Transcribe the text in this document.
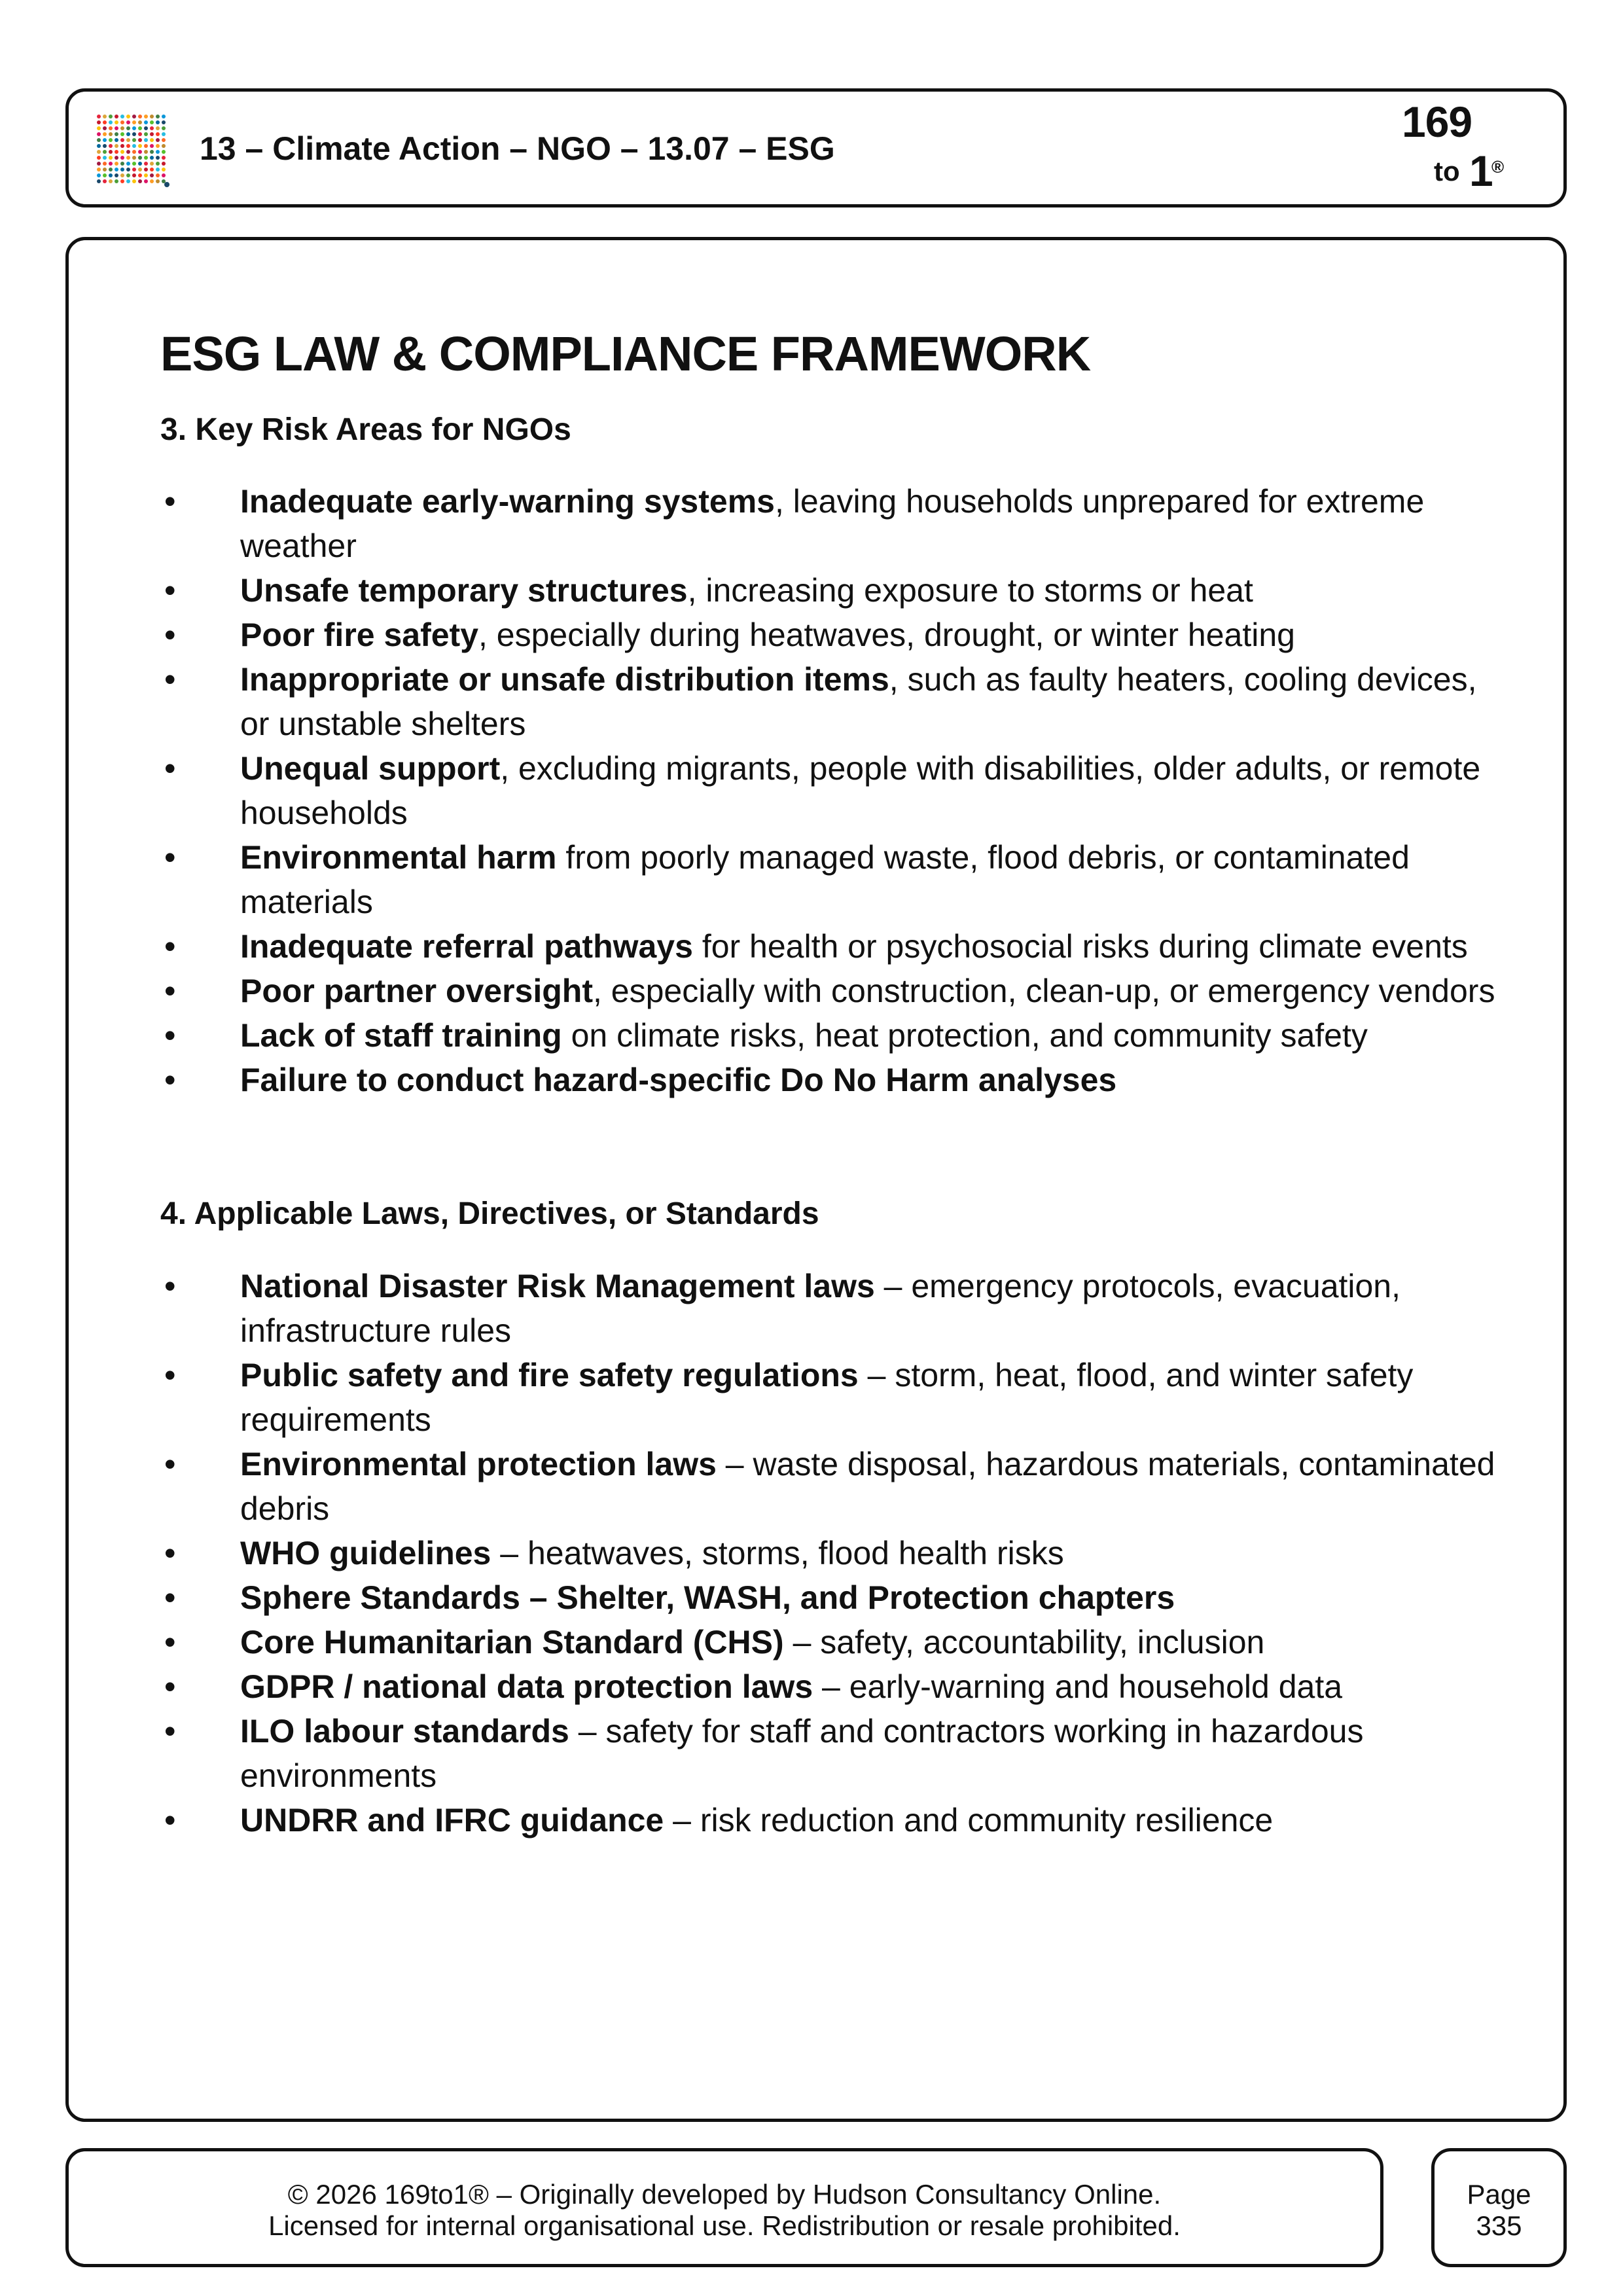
13 – Climate Action – NGO – 13.07 – ESG
169
to 1
®
ESG LAW & COMPLIANCE FRAMEWORK
3. Key Risk Areas for NGOs
• Inadequate early-warning systems, leaving households unprepared for extreme weather
• Unsafe temporary structures, increasing exposure to storms or heat
• Poor fire safety, especially during heatwaves, drought, or winter heating
• Inappropriate or unsafe distribution items, such as faulty heaters, cooling devices, or unstable shelters
• Unequal support, excluding migrants, people with disabilities, older adults, or remote households
• Environmental harm from poorly managed waste, flood debris, or contaminated materials
• Inadequate referral pathways for health or psychosocial risks during climate events
• Poor partner oversight, especially with construction, clean-up, or emergency vendors
• Lack of staff training on climate risks, heat protection, and community safety
• Failure to conduct hazard-specific Do No Harm analyses
4. Applicable Laws, Directives, or Standards
• National Disaster Risk Management laws – emergency protocols, evacuation, infrastructure rules
• Public safety and fire safety regulations – storm, heat, flood, and winter safety requirements
• Environmental protection laws – waste disposal, hazardous materials, contaminated debris
• WHO guidelines – heatwaves, storms, flood health risks
• Sphere Standards – Shelter, WASH, and Protection chapters
• Core Humanitarian Standard (CHS) – safety, accountability, inclusion
• GDPR / national data protection laws – early-warning and household data
• ILO labour standards – safety for staff and contractors working in hazardous environments
• UNDRR and IFRC guidance – risk reduction and community resilience
© 2026 169to1® – Originally developed by Hudson Consultancy Online.
Licensed for internal organisational use. Redistribution or resale prohibited.
Page
335
